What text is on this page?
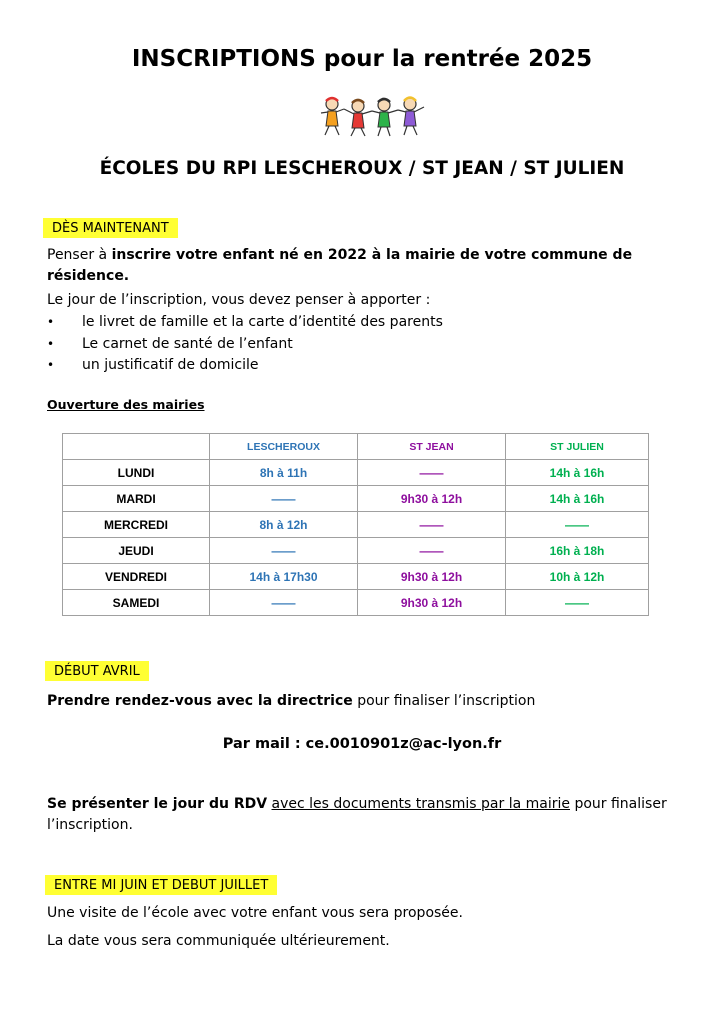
INSCRIPTIONS pour la rentrée 2025
ÉCOLES DU RPI LESCHEROUX / ST JEAN / ST JULIEN
DÈS MAINTENANT
Penser à inscrire votre enfant né en 2022 à la mairie de votre commune de résidence.
Le jour de l’inscription, vous devez penser à apporter :
• le livret de famille et la carte d’identité des parents
• Le carnet de santé de l’enfant
• un justificatif de domicile
Ouverture des mairies
	LESCHEROUX	ST JEAN	ST JULIEN
LUNDI	8h à 11h	——	14h à 16h
MARDI	——	9h30 à 12h	14h à 16h
MERCREDI	8h à 12h	——	——
JEUDI	——	——	16h à 18h
VENDREDI	14h à 17h30	9h30 à 12h	10h à 12h
SAMEDI	——	9h30 à 12h	——
DÉBUT AVRIL
Prendre rendez-vous avec la directrice pour finaliser l’inscription
Par mail : ce.0010901z@ac-lyon.fr
Se présenter le jour du RDV avec les documents transmis par la mairie pour finaliser l’inscription.
ENTRE MI JUIN ET DEBUT JUILLET
Une visite de l’école avec votre enfant vous sera proposée.
La date vous sera communiquée ultérieurement.
